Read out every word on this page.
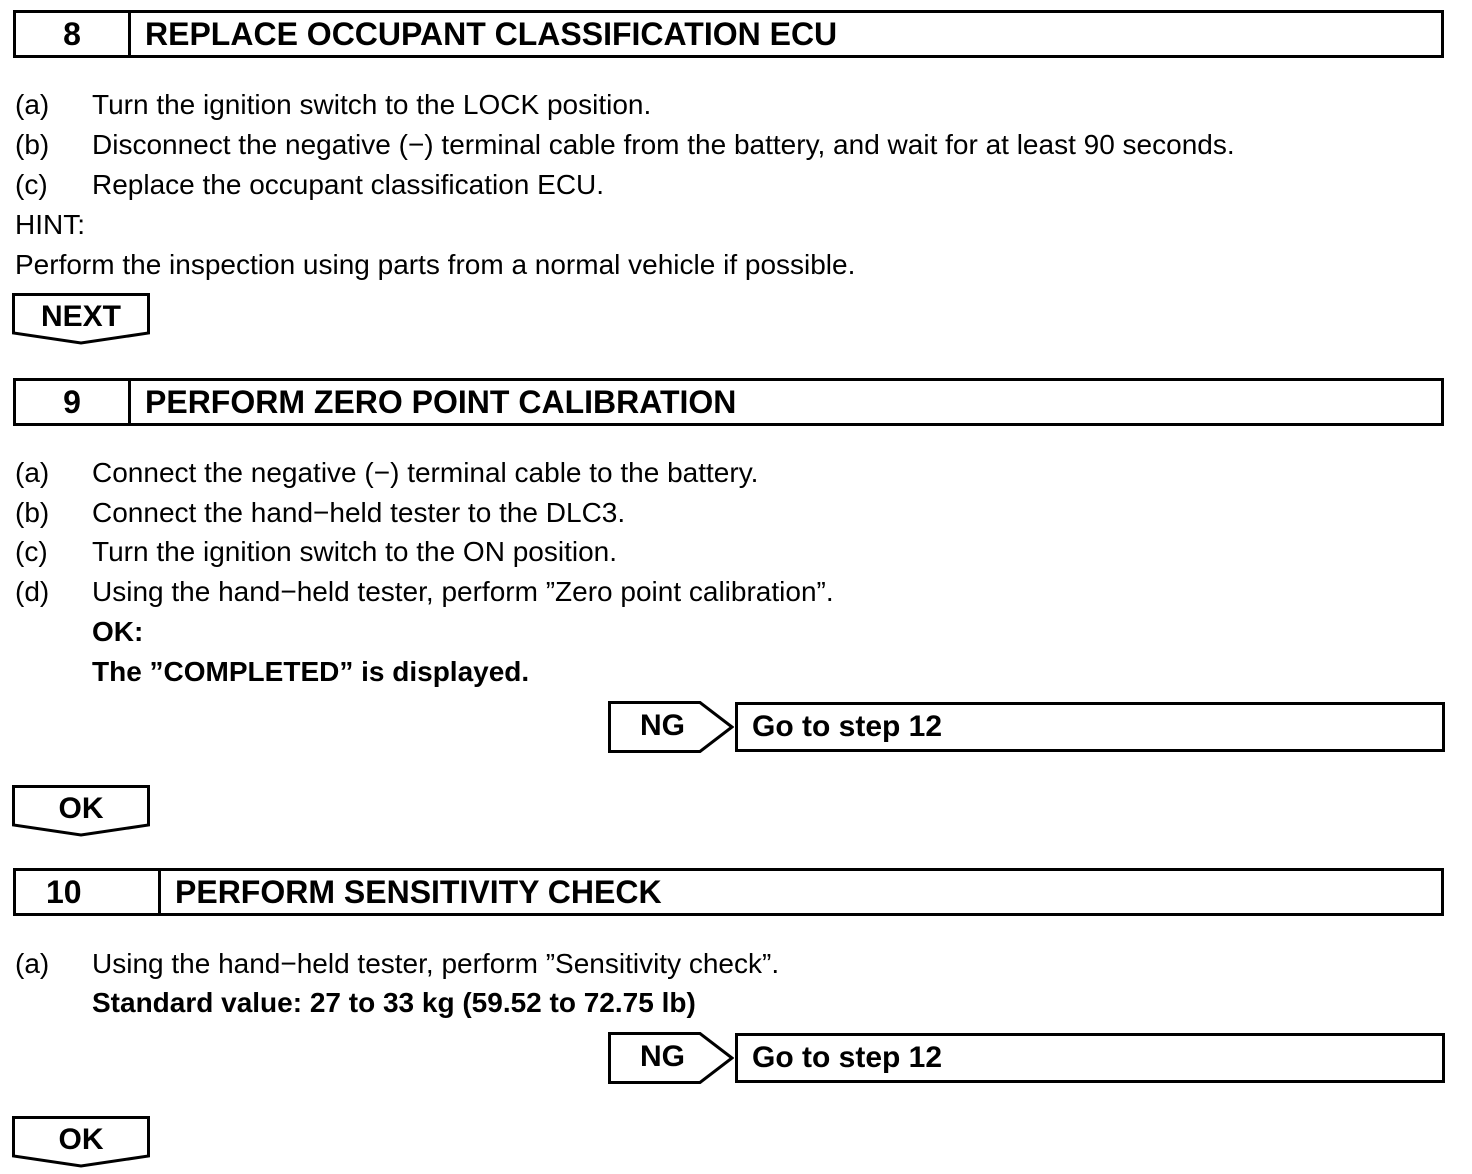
8	REPLACE OCCUPANT CLASSIFICATION ECU
(a) Turn the ignition switch to the LOCK position.
(b) Disconnect the negative (−) terminal cable from the battery, and wait for at least 90 seconds.
(c) Replace the occupant classification ECU.
HINT:
Perform the inspection using parts from a normal vehicle if possible.
NEXT
9	PERFORM ZERO POINT CALIBRATION
(a) Connect the negative (−) terminal cable to the battery.
(b) Connect the hand−held tester to the DLC3.
(c) Turn the ignition switch to the ON position.
(d) Using the hand−held tester, perform ”Zero point calibration”.
OK:
The ”COMPLETED” is displayed.
NG	Go to step 12
OK
10	PERFORM SENSITIVITY CHECK
(a) Using the hand−held tester, perform ”Sensitivity check”.
Standard value: 27 to 33 kg (59.52 to 72.75 lb)
NG	Go to step 12
OK
